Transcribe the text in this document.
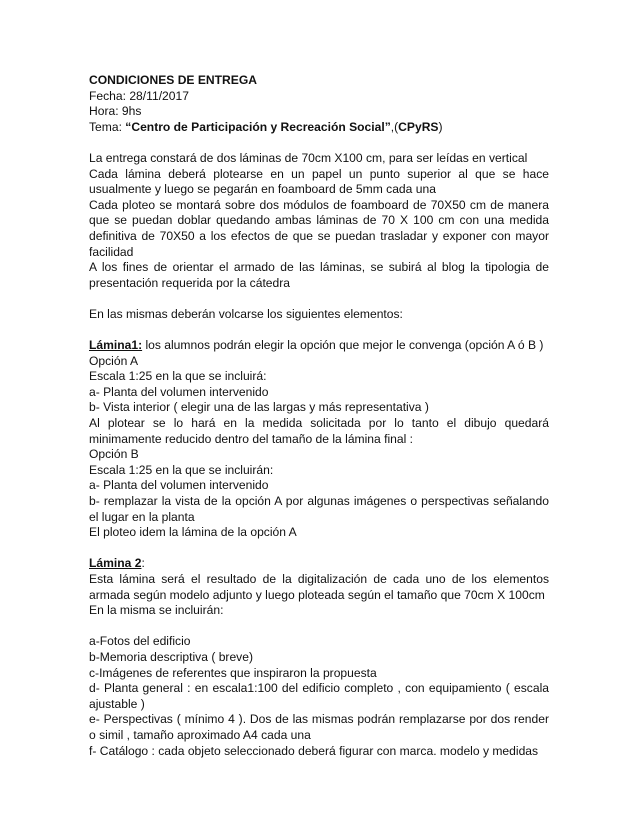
CONDICIONES DE ENTREGA

Fecha: 28/11/2017

Hora: 9hs

Tema: “Centro de Participación y Recreación Social”,(CPyRS)

La entrega constará de dos láminas de 70cm X100 cm, para ser leídas en vertical

Cada lámina deberá plotearse en un papel un punto superior al que se hace usualmente y luego se pegarán en foamboard de 5mm cada una

Cada ploteo se montará sobre dos módulos de foamboard de 70X50 cm de manera que se puedan doblar quedando ambas láminas de 70 X 100 cm con una medida definitiva de 70X50 a los efectos de que se puedan trasladar y exponer con mayor facilidad

A los fines de orientar el armado de las láminas, se subirá al blog la tipologia de presentación requerida por la cátedra

En las mismas deberán volcarse los siguientes elementos:

Lámina1: los alumnos podrán elegir la opción que mejor le convenga (opción A ó B )

Opción A

Escala 1:25 en la que se incluirá:

a- Planta del volumen intervenido

b- Vista interior ( elegir una de las largas y más representativa )

Al plotear se lo hará en la medida solicitada por lo tanto el dibujo quedará minimamente reducido dentro del tamaño de la lámina final :

Opción B

Escala 1:25 en la que se incluirán:

a- Planta del volumen intervenido

b- remplazar la vista de la opción A por algunas imágenes o perspectivas señalando el lugar en la planta

El ploteo idem la lámina de la opción A

Lámina 2:

Esta lámina será el resultado de la digitalización de cada uno de los elementos armada según modelo adjunto y luego ploteada según el tamaño que 70cm X 100cm

En la misma se incluirán:

a-Fotos del edificio

b-Memoria descriptiva ( breve)

c-Imágenes de referentes que inspiraron la propuesta

d- Planta general : en escala1:100 del edificio completo , con equipamiento ( escala ajustable )

e- Perspectivas ( mínimo 4 ). Dos de las mismas podrán remplazarse por dos render o simil , tamaño aproximado A4 cada una

f- Catálogo : cada objeto seleccionado deberá figurar con marca. modelo y medidas
